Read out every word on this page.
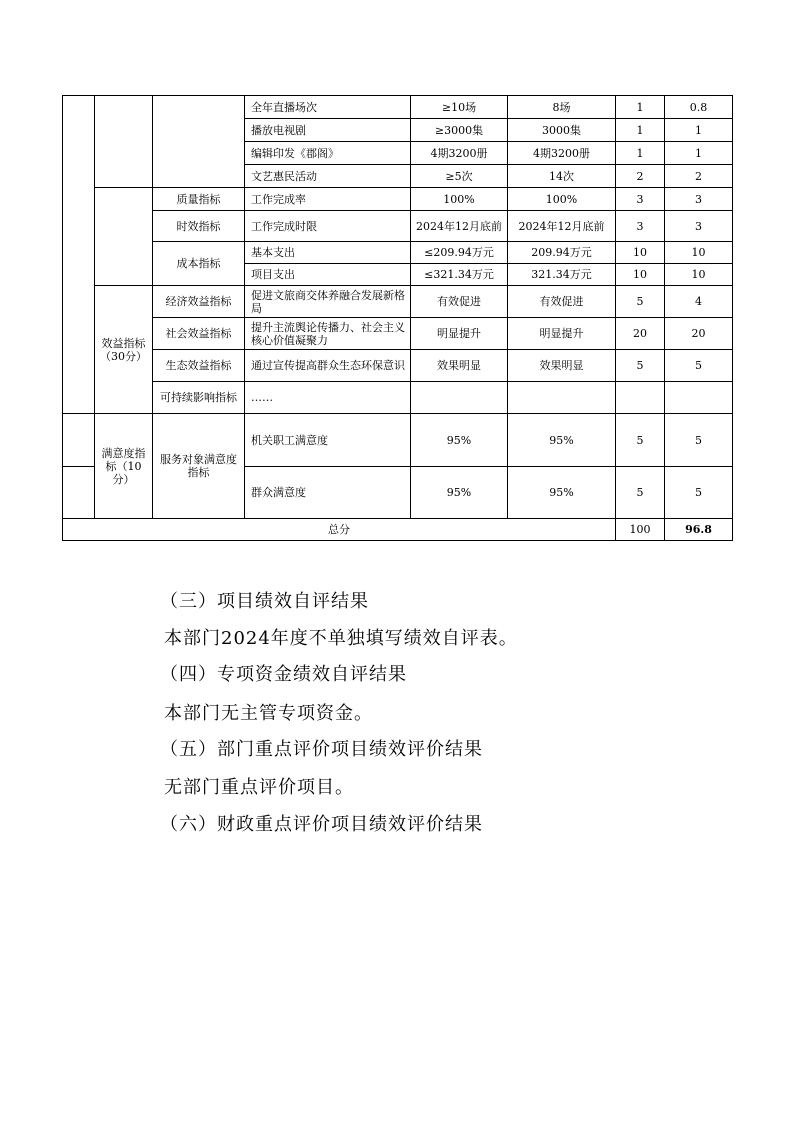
			全年直播场次	≥10场	8场	1	0.8
			播放电视剧	≥3000集	3000集	1	1
			编辑印发《郡阁》	4期3200册	4期3200册	1	1
			文艺惠民活动	≥5次	14次	2	2
		质量指标	工作完成率	100%	100%	3	3
		时效指标	工作完成时限	2024年12月底前	2024年12月底前	3	3
		成本指标	基本支出	≤209.94万元	209.94万元	10	10
			项目支出	≤321.34万元	321.34万元	10	10
	效益指标（30分）	经济效益指标	促进文旅商交体养融合发展新格局	有效促进	有效促进	5	4
		社会效益指标	提升主流舆论传播力、社会主义核心价值凝聚力	明显提升	明显提升	20	20
		生态效益指标	通过宣传提高群众生态环保意识	效果明显	效果明显	5	5
		可持续影响指标	……				
	满意度指标（10分）	服务对象满意度指标	机关职工满意度	95%	95%	5	5
			群众满意度	95%	95%	5	5
总分						100	96.8
（三）项目绩效自评结果
本部门2024年度不单独填写绩效自评表。
（四）专项资金绩效自评结果
本部门无主管专项资金。
（五）部门重点评价项目绩效评价结果
无部门重点评价项目。
（六）财政重点评价项目绩效评价结果
